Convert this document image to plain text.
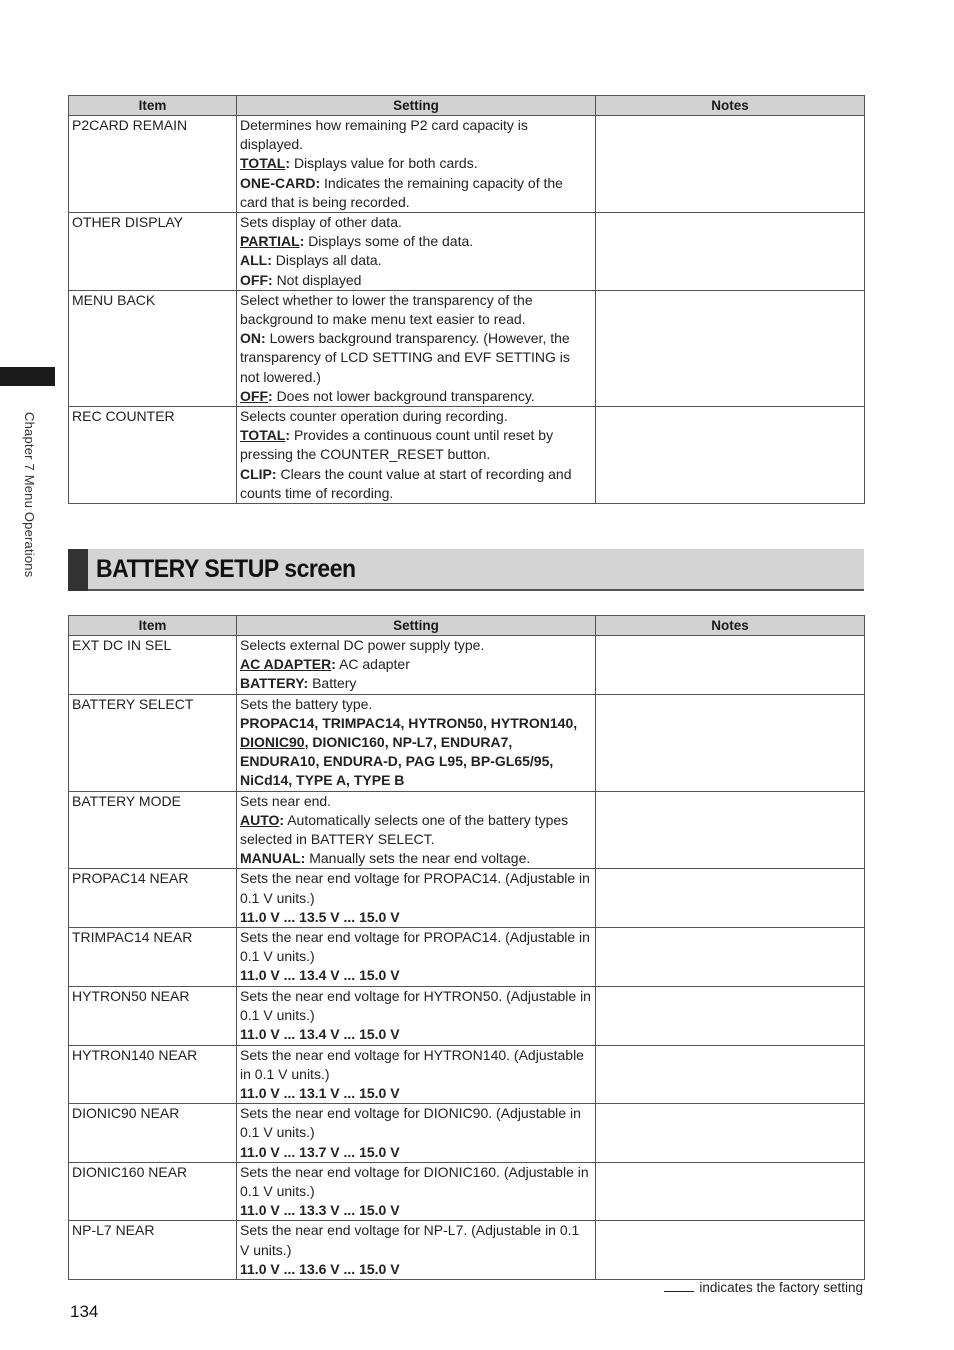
Chapter 7 Menu Operations
Item	Setting	Notes
P2CARD REMAIN	Determines how remaining P2 card capacity is displayed.
TOTAL: Displays value for both cards.
ONE-CARD: Indicates the remaining capacity of the card that is being recorded.	

OTHER DISPLAY	Sets display of other data.
PARTIAL: Displays some of the data.
ALL: Displays all data.
OFF: Not displayed	

MENU BACK	Select whether to lower the transparency of the background to make menu text easier to read.
ON: Lowers background transparency. (However, the transparency of LCD SETTING and EVF SETTING is not lowered.)
OFF: Does not lower background transparency.	

REC COUNTER	Selects counter operation during recording.
TOTAL: Provides a continuous count until reset by pressing the COUNTER_RESET button.
CLIP: Clears the count value at start of recording and counts time of recording.	

BATTERY SETUP screen
Item	Setting	Notes
EXT DC IN SEL	Selects external DC power supply type.
AC ADAPTER: AC adapter
BATTERY: Battery	

BATTERY SELECT	Sets the battery type.
PROPAC14, TRIMPAC14, HYTRON50, HYTRON140, DIONIC90, DIONIC160, NP-L7, ENDURA7, ENDURA10, ENDURA-D, PAG L95, BP-GL65/95, NiCd14, TYPE A, TYPE B	

BATTERY MODE	Sets near end.
AUTO: Automatically selects one of the battery types selected in BATTERY SELECT.
MANUAL: Manually sets the near end voltage.	

PROPAC14 NEAR	Sets the near end voltage for PROPAC14. (Adjustable in 0.1 V units.)
11.0 V ... 13.5 V ... 15.0 V	

TRIMPAC14 NEAR	Sets the near end voltage for PROPAC14. (Adjustable in 0.1 V units.)
11.0 V ... 13.4 V ... 15.0 V	

HYTRON50 NEAR	Sets the near end voltage for HYTRON50. (Adjustable in 0.1 V units.)
11.0 V ... 13.4 V ... 15.0 V	

HYTRON140 NEAR	Sets the near end voltage for HYTRON140. (Adjustable in 0.1 V units.)
11.0 V ... 13.1 V ... 15.0 V	

DIONIC90 NEAR	Sets the near end voltage for DIONIC90. (Adjustable in 0.1 V units.)
11.0 V ... 13.7 V ... 15.0 V	

DIONIC160 NEAR	Sets the near end voltage for DIONIC160. (Adjustable in 0.1 V units.)
11.0 V ... 13.3 V ... 15.0 V	

NP-L7 NEAR	Sets the near end voltage for NP-L7. (Adjustable in 0.1 V units.)
11.0 V ... 13.6 V ... 15.0 V	

indicates the factory setting
134
